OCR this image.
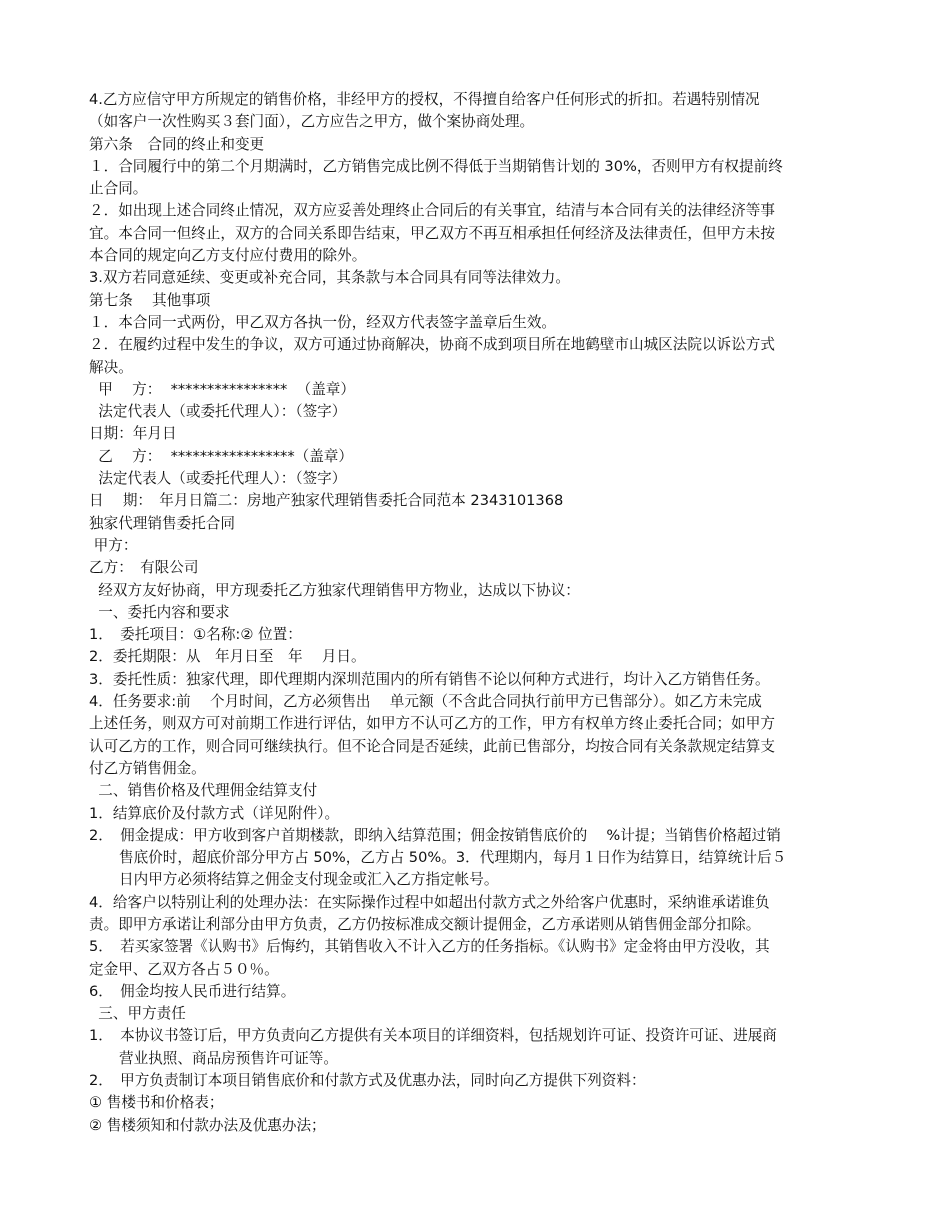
4.乙方应信守甲方所规定的销售价格，非经甲方的授权，不得擅自给客户任何形式的折扣。若遇特别情况
（如客户一次性购买３套门面），乙方应告之甲方，做个案协商处理。
第六条　合同的终止和变更
１．合同履行中的第二个月期满时，乙方销售完成比例不得低于当期销售计划的 30%，否则甲方有权提前终
止合同。
２．如出现上述合同终止情况，双方应妥善处理终止合同后的有关事宜，结清与本合同有关的法律经济等事
宜。本合同一但终止，双方的合同关系即告结束，甲乙双方不再互相承担任何经济及法律责任，但甲方未按
本合同的规定向乙方支付应付费用的除外。
3.双方若同意延续、变更或补充合同，其条款与本合同具有同等法律效力。
第七条　 其他事项
１．本合同一式两份，甲乙双方各执一份，经双方代表签字盖章后生效。
２．在履约过程中发生的争议，双方可通过协商解决，协商不成到项目所在地鹤壁市山城区法院以诉讼方式
解决。
甲　 方：  ****************  （盖章）
法定代表人（或委托代理人）：（签字）
日期：年月日
乙　 方：  *****************（盖章）
法定代表人（或委托代理人）：（签字）
日　 期：　年月日篇二：房地产独家代理销售委托合同范本 2343101368
独家代理销售委托合同
甲方：
乙方：　有限公司
经双方友好协商，甲方现委托乙方独家代理销售甲方物业，达成以下协议：
一、委托内容和要求
1．　委托项目：①名称:② 位置：
2．委托期限：从　年月日至　年　 月日。
3．委托性质：独家代理，即代理期内深圳范围内的所有销售不论以何种方式进行，均计入乙方销售任务。
4．任务要求:前　 个月时间，乙方必须售出　 单元额（不含此合同执行前甲方已售部分）。如乙方未完成
上述任务，则双方可对前期工作进行评估，如甲方不认可乙方的工作，甲方有权单方终止委托合同；如甲方
认可乙方的工作，则合同可继续执行。但不论合同是否延续，此前已售部分，均按合同有关条款规定结算支
付乙方销售佣金。
二、销售价格及代理佣金结算支付
1．结算底价及付款方式（详见附件）。
2．　佣金提成：甲方收到客户首期楼款，即纳入结算范围；佣金按销售底价的　 %计提；当销售价格超过销
售底价时，超底价部分甲方占 50%，乙方占 50%。3．代理期内，每月１日作为结算日，结算统计后５
日内甲方必须将结算之佣金支付现金或汇入乙方指定帐号。
4．给客户以特别让利的处理办法：在实际操作过程中如超出付款方式之外给客户优惠时，采纳谁承诺谁负
责。即甲方承诺让利部分由甲方负责，乙方仍按标准成交额计提佣金，乙方承诺则从销售佣金部分扣除。
5．　若买家签署《认购书》后悔约，其销售收入不计入乙方的任务指标。《认购书》定金将由甲方没收，其
定金甲、乙双方各占５０％。
6．　佣金均按人民币进行结算。
三、甲方责任
1．　本协议书签订后，甲方负责向乙方提供有关本项目的详细资料，包括规划许可证、投资许可证、进展商
营业执照、商品房预售许可证等。
2．　甲方负责制订本项目销售底价和付款方式及优惠办法，同时向乙方提供下列资料：
① 售楼书和价格表；
② 售楼须知和付款办法及优惠办法；
